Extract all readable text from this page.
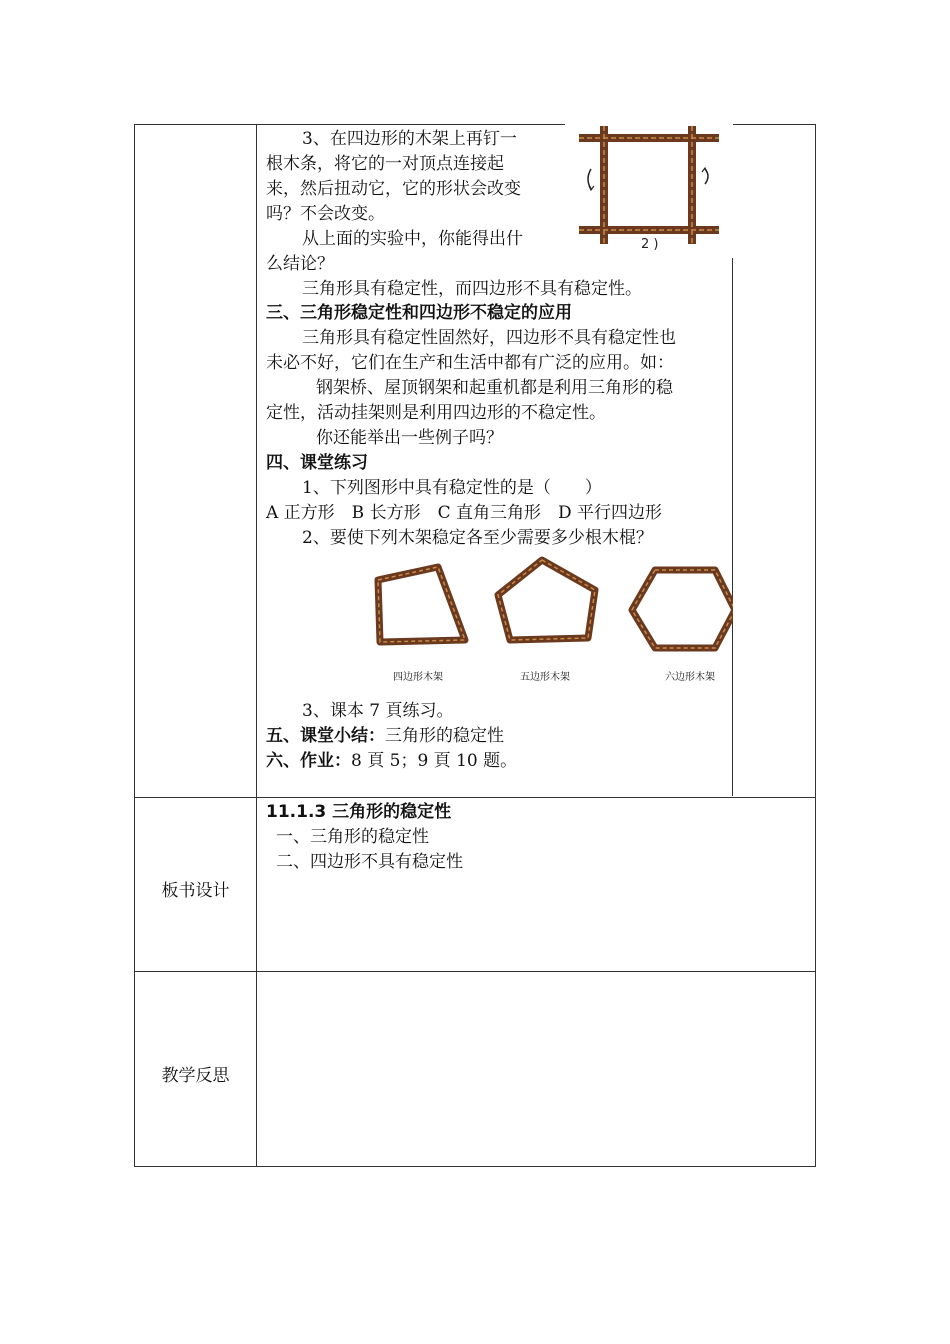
3、在四边形的木架上再钉一
根木条，将它的一对顶点连接起
来，然后扭动它，它的形状会改变
吗？不会改变。
从上面的实验中，你能得出什
么结论？
三角形具有稳定性，而四边形不具有稳定性。
三、三角形稳定性和四边形不稳定的应用
三角形具有稳定性固然好，四边形不具有稳定性也
未必不好，它们在生产和生活中都有广泛的应用。如：
钢架桥、屋顶钢架和起重机都是利用三角形的稳
定性，活动挂架则是利用四边形的不稳定性。
你还能举出一些例子吗？
四、课堂练习
1、下列图形中具有稳定性的是（　　）
A 正方形　B 长方形　C 直角三角形　D 平行四边形
2、要使下列木架稳定各至少需要多少根木棍？
2 )
四边形木架	五边形木架	六边形木架
3、课本 7 頁练习。
五、课堂小结：三角形的稳定性
六、作业：8 頁 5；9 頁 10 题。
板书设计
11.1.3 三角形的稳定性
一、三角形的稳定性
二、四边形不具有稳定性
教学反思
